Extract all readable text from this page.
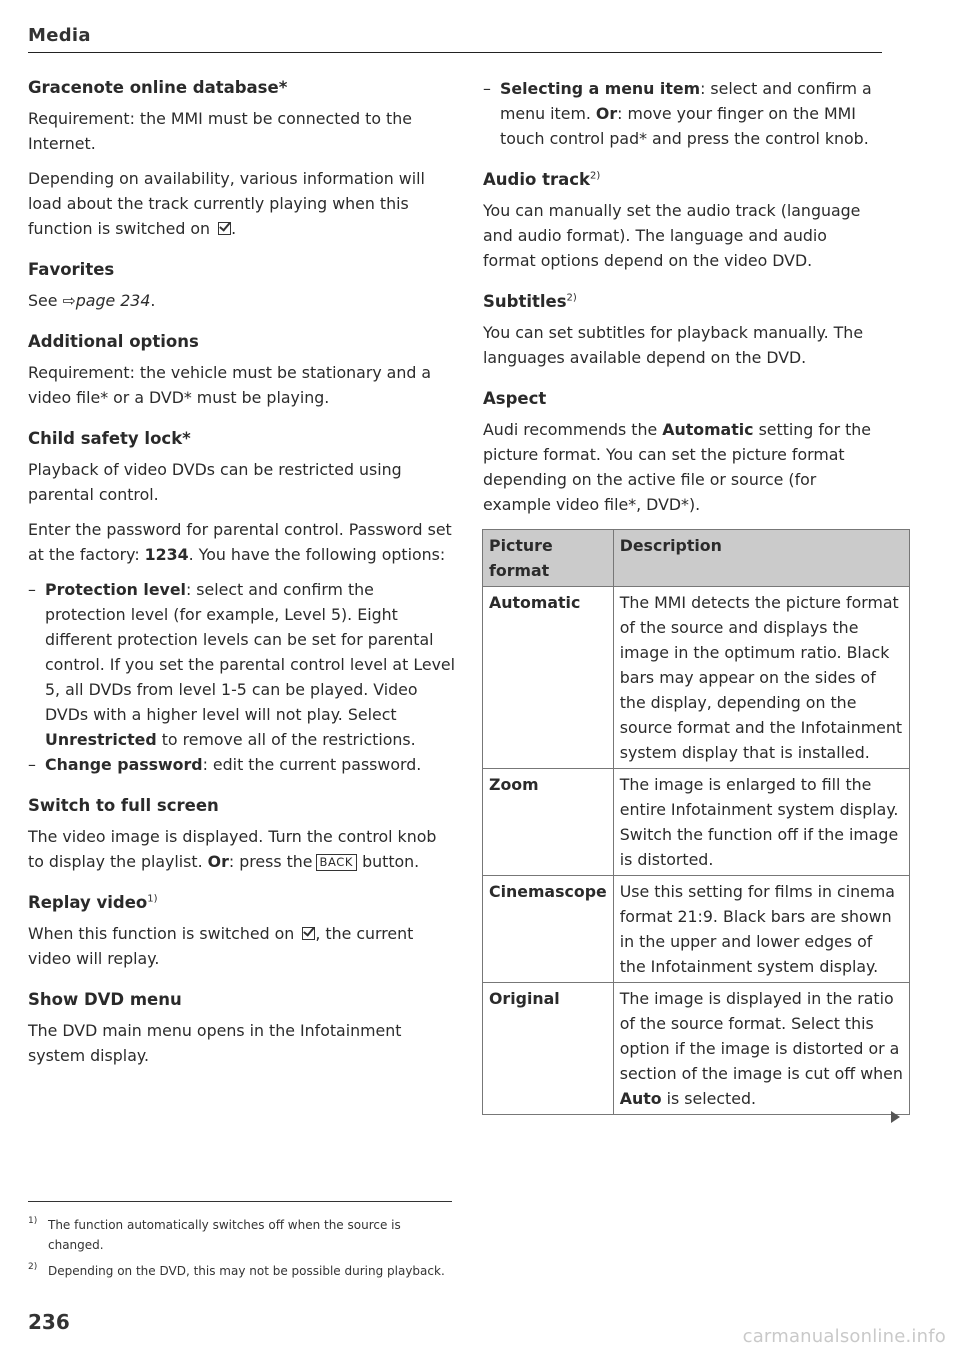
Media
Gracenote online database*

Requirement: the MMI must be connected to the Internet.

Depending on availability, various information will load about the track currently playing when this function is switched on .

Favorites

See ⇨page 234.

Additional options

Requirement: the vehicle must be stationary and a video file* or a DVD* must be playing.

Child safety lock*

Playback of video DVDs can be restricted using parental control.

Enter the password for parental control. Password set at the factory: 1234. You have the following options:

– Protection level: select and confirm the protection level (for example, Level 5). Eight different protection levels can be set for parental control. If you set the parental control level at Level 5, all DVDs from level 1-5 can be played. Video DVDs with a higher level will not play. Select Unrestricted to remove all of the restrictions.
– Change password: edit the current password.
Switch to full screen

The video image is displayed. Turn the control knob to display the playlist. Or: press the BACK button.

Replay video$^{1)}$

When this function is switched on , the current video will replay.

Show DVD menu

The DVD main menu opens in the Infotainment system display.

– Selecting a menu item: select and confirm a menu item. Or: move your finger on the MMI touch control pad* and press the control knob.
Audio track$^{2)}$

You can manually set the audio track (language and audio format). The language and audio format options depend on the video DVD.

Subtitles$^{2)}$

You can set subtitles for playback manually. The languages available depend on the DVD.

Aspect

Audi recommends the Automatic setting for the picture format. You can set the picture format depending on the active file or source (for example video file*, DVD*).

Picture format	Description
Automatic	The MMI detects the picture format of the source and displays the image in the optimum ratio. Black bars may appear on the sides of the display, depending on the source format and the Infotainment system display that is installed.
Zoom	The image is enlarged to fill the entire Infotainment system display. Switch the function off if the image is distorted.
Cinemascope	Use this setting for films in cinema format 21:9. Black bars are shown in the upper and lower edges of the Infotainment system display.
Original	The image is displayed in the ratio of the source format. Select this option if the image is distorted or a section of the image is cut off when Auto is selected.
1) The function automatically switches off when the source is changed.
2) Depending on the DVD, this may not be possible during playback.
236
carmanualsonline.info
